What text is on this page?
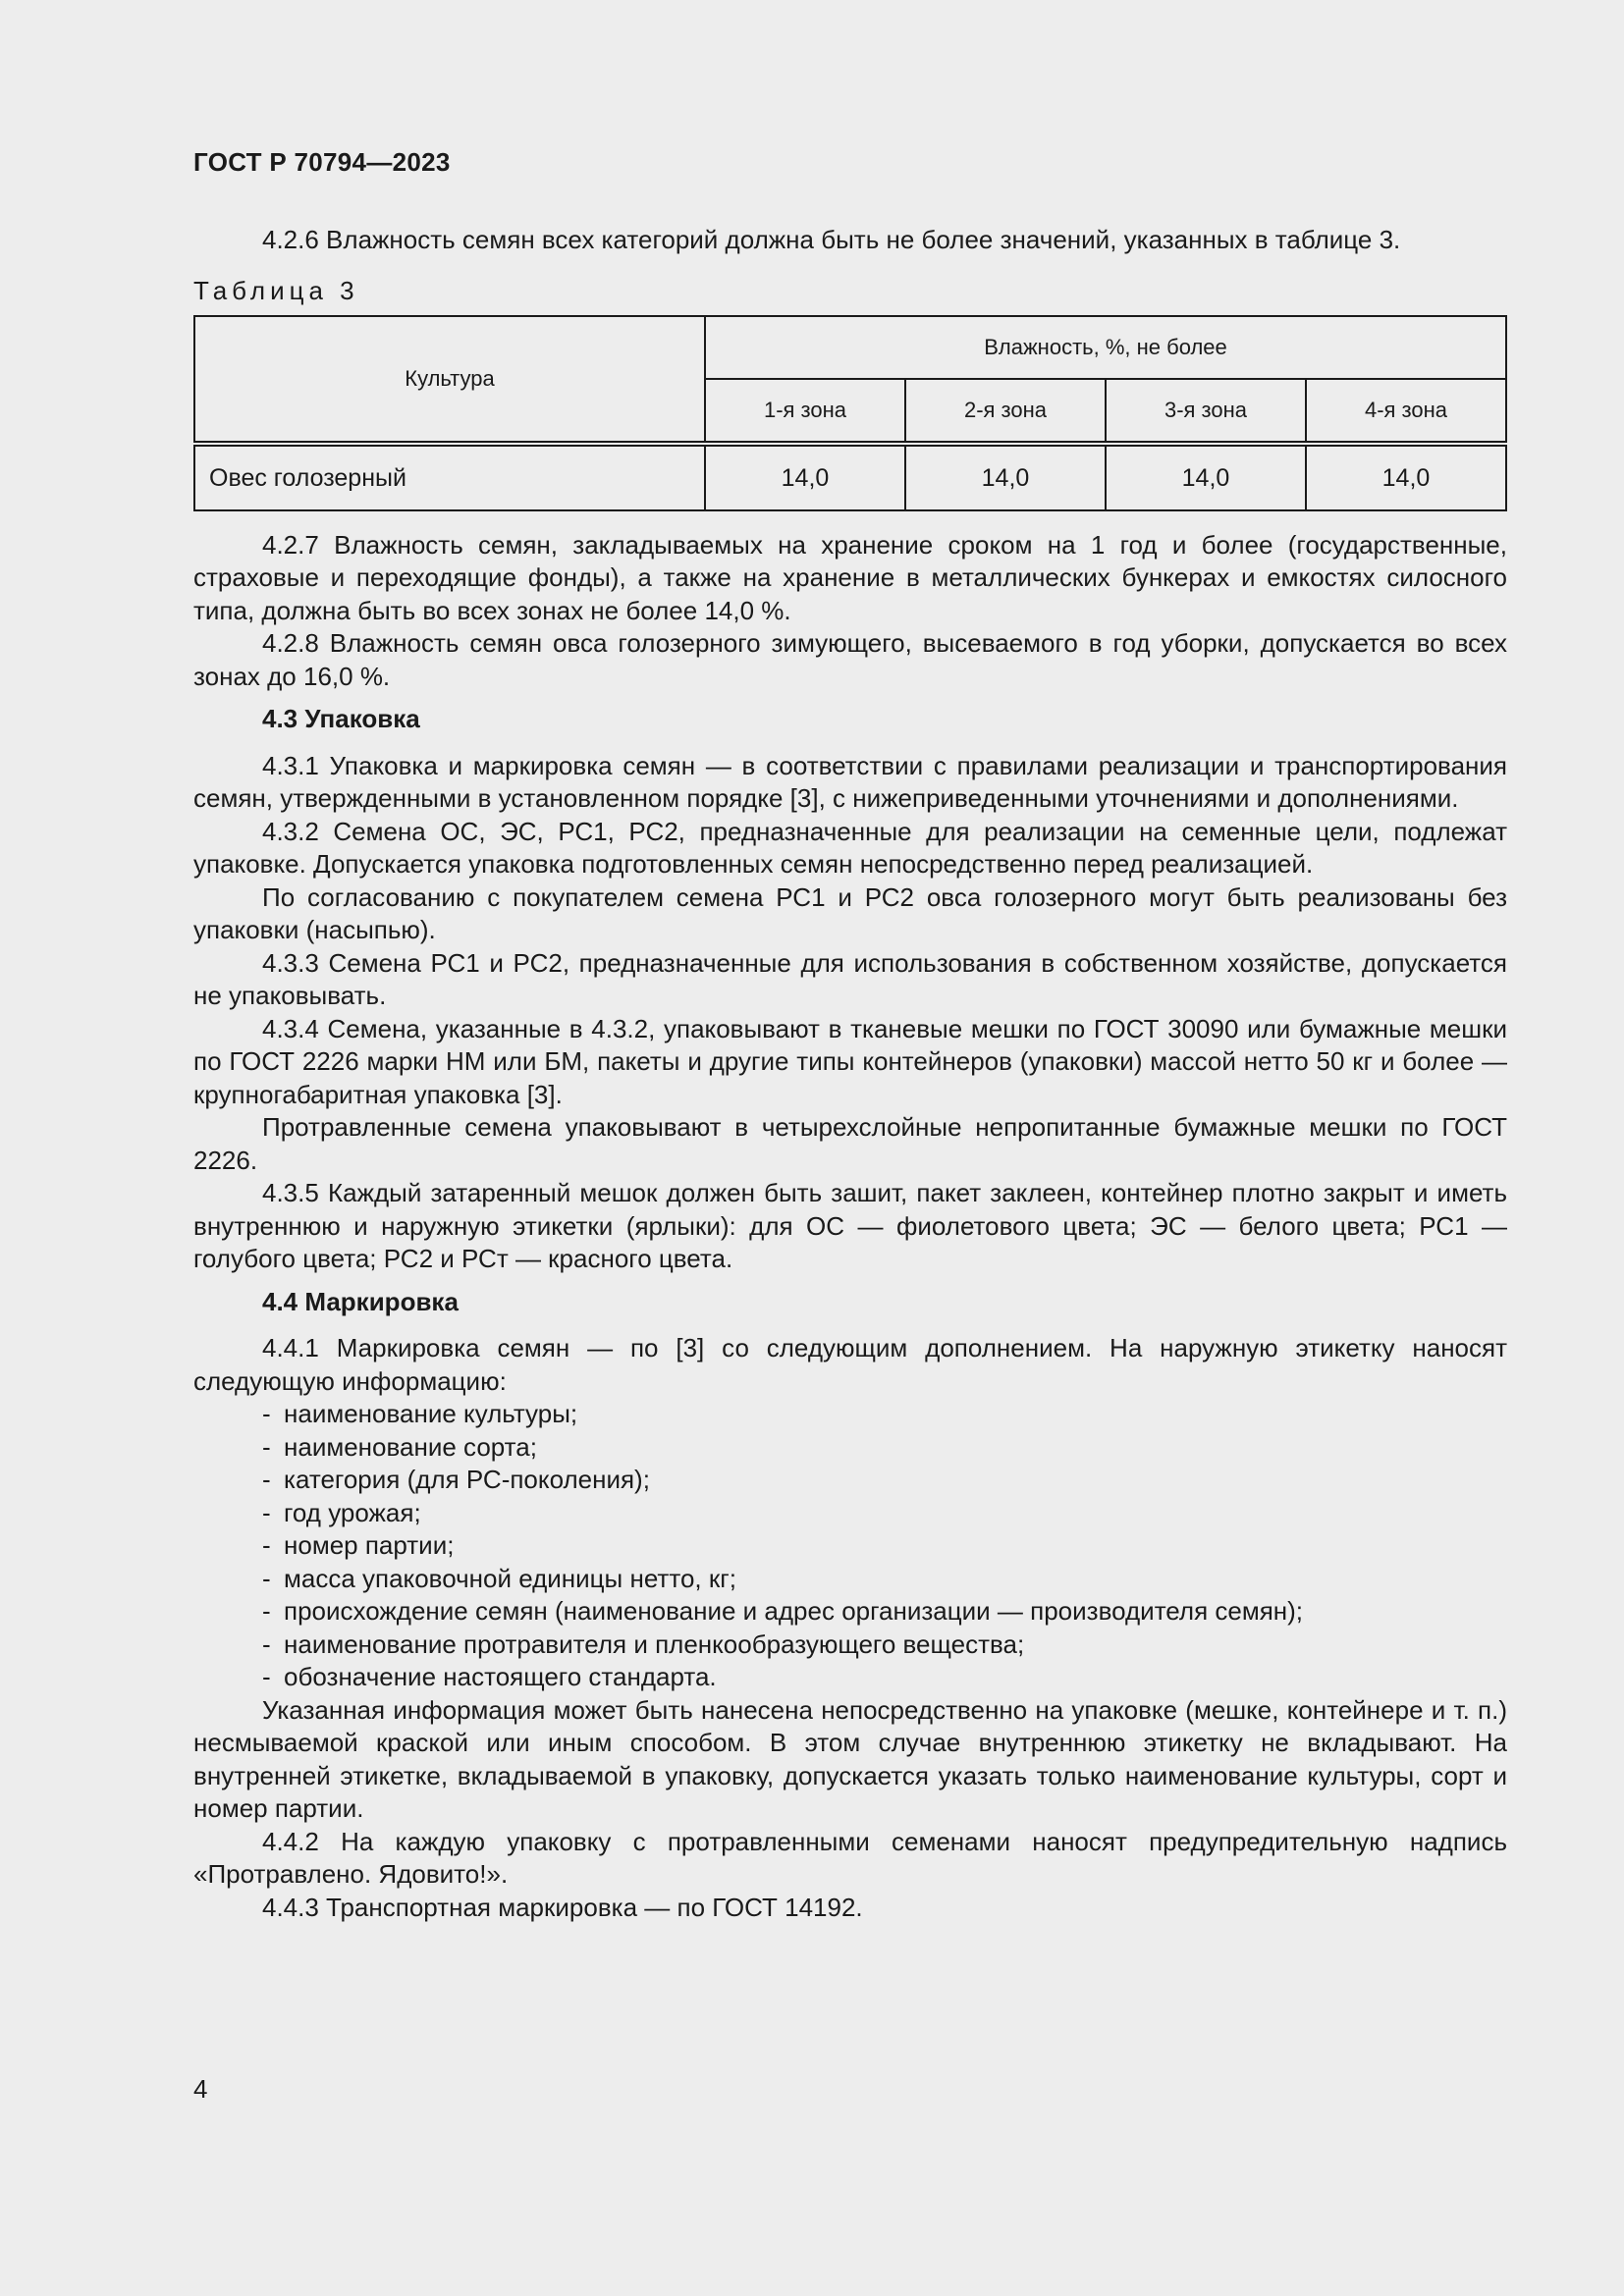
ГОСТ Р 70794—2023

4.2.6 Влажность семян всех категорий должна быть не более значений, указанных в таблице 3.

Таблица 3
Культура	Влажность, %, не более			
	1-я зона	2-я зона	3-я зона	4-я зона
Овес голозерный	14,0	14,0	14,0	14,0

4.2.7 Влажность семян, закладываемых на хранение сроком на 1 год и более (государственные, страховые и переходящие фонды), а также на хранение в металлических бункерах и емкостях силосного типа, должна быть во всех зонах не более 14,0 %.

4.2.8 Влажность семян овса голозерного зимующего, высеваемого в год уборки, допускается во всех зонах до 16,0 %.

4.3 Упаковка

4.3.1 Упаковка и маркировка семян — в соответствии с правилами реализации и транспортирования семян, утвержденными в установленном порядке [3], с нижеприведенными уточнениями и дополнениями.

4.3.2 Семена ОС, ЭС, РС1, РС2, предназначенные для реализации на семенные цели, подлежат упаковке. Допускается упаковка подготовленных семян непосредственно перед реализацией.

По согласованию с покупателем семена РС1 и РС2 овса голозерного могут быть реализованы без упаковки (насыпью).

4.3.3 Семена РС1 и РС2, предназначенные для использования в собственном хозяйстве, допускается не упаковывать.

4.3.4 Семена, указанные в 4.3.2, упаковывают в тканевые мешки по ГОСТ 30090 или бумажные мешки по ГОСТ 2226 марки НМ или БМ, пакеты и другие типы контейнеров (упаковки) массой нетто 50 кг и более — крупногабаритная упаковка [3].

Протравленные семена упаковывают в четырехслойные непропитанные бумажные мешки по ГОСТ 2226.

4.3.5 Каждый затаренный мешок должен быть зашит, пакет заклеен, контейнер плотно закрыт и иметь внутреннюю и наружную этикетки (ярлыки): для ОС — фиолетового цвета; ЭС — белого цвета; РС1 — голубого цвета; РС2 и РСт — красного цвета.

4.4 Маркировка

4.4.1 Маркировка семян — по [3] со следующим дополнением. На наружную этикетку наносят следующую информацию:

- наименование культуры;
- наименование сорта;
- категория (для РС-поколения);
- год урожая;
- номер партии;
- масса упаковочной единицы нетто, кг;
- происхождение семян (наименование и адрес организации — производителя семян);
- наименование протравителя и пленкообразующего вещества;
- обозначение настоящего стандарта.

Указанная информация может быть нанесена непосредственно на упаковке (мешке, контейнере и т. п.) несмываемой краской или иным способом. В этом случае внутреннюю этикетку не вкладывают. На внутренней этикетке, вкладываемой в упаковку, допускается указать только наименование культуры, сорт и номер партии.

4.4.2 На каждую упаковку с протравленными семенами наносят предупредительную надпись «Протравлено. Ядовито!».

4.4.3 Транспортная маркировка — по ГОСТ 14192.

4
